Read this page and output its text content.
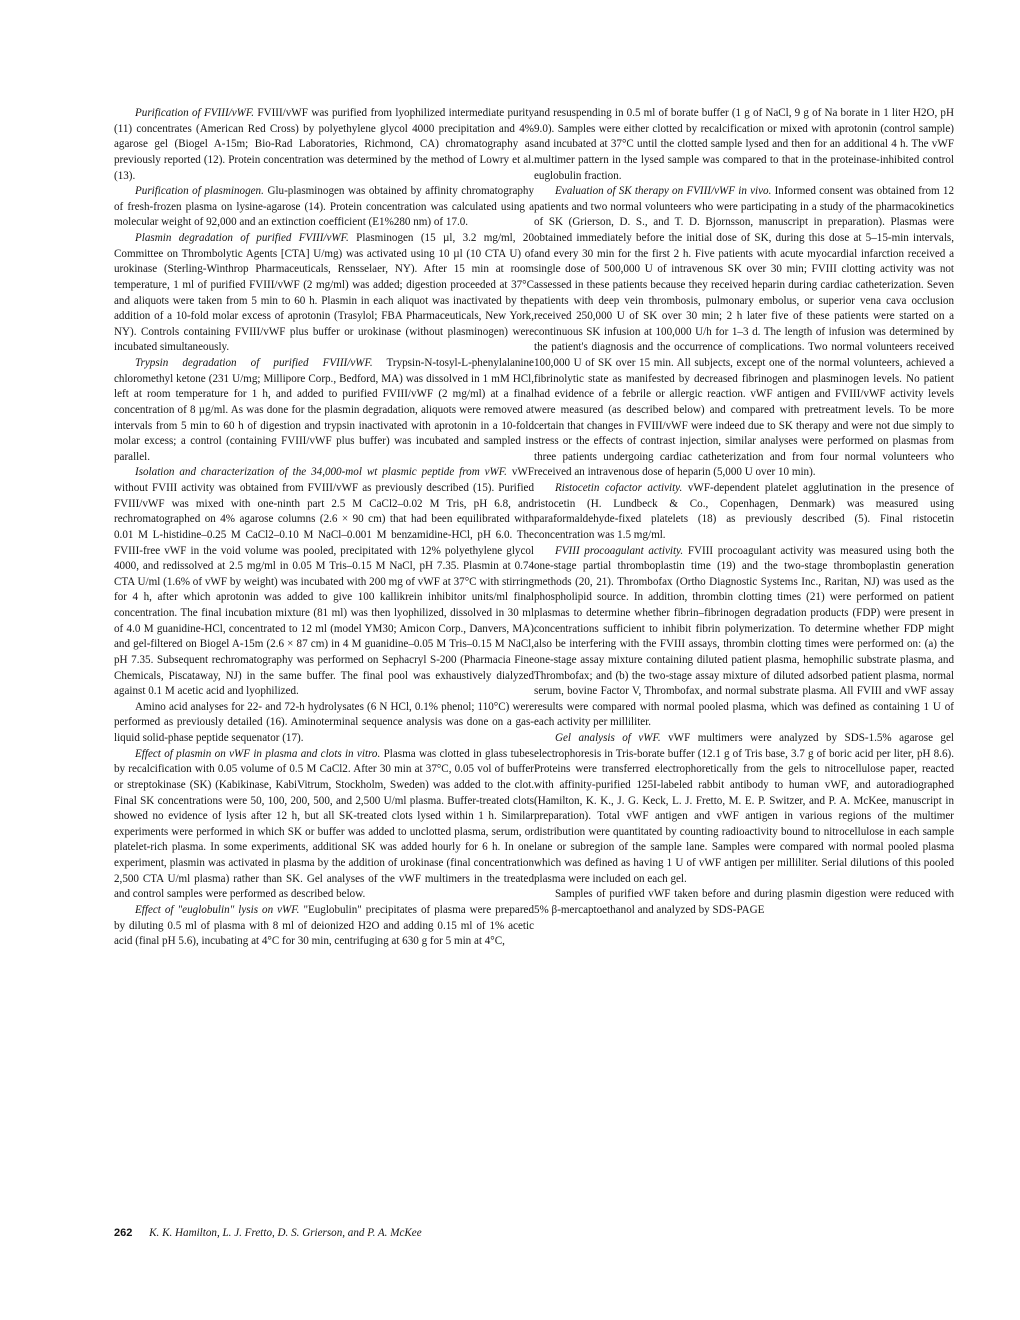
Purification of FVIII/vWF. FVIII/vWF was purified from lyophilized intermediate purity (11) concentrates (American Red Cross) by polyethylene glycol 4000 precipitation and 4% agarose gel (Biogel A-15m; Bio-Rad Laboratories, Richmond, CA) chromatography as previously reported (12). Protein concentration was determined by the method of Lowry et al. (13).

Purification of plasminogen. Glu-plasminogen was obtained by affinity chromatography of fresh-frozen plasma on lysine-agarose (14). Protein concentration was calculated using a molecular weight of 92,000 and an extinction coefficient (E1%280 nm) of 17.0.

Plasmin degradation of purified FVIII/vWF. Plasminogen (15 µl, 3.2 mg/ml, 20 Committee on Thrombolytic Agents [CTA] U/mg) was activated using 10 µl (10 CTA U) of urokinase (Sterling-Winthrop Pharmaceuticals, Rensselaer, NY). After 15 min at room temperature, 1 ml of purified FVIII/vWF (2 mg/ml) was added; digestion proceeded at 37°C and aliquots were taken from 5 min to 60 h. Plasmin in each aliquot was inactivated by the addition of a 10-fold molar excess of aprotonin (Trasylol; FBA Pharmaceuticals, New York, NY). Controls containing FVIII/vWF plus buffer or urokinase (without plasminogen) were incubated simultaneously.

Trypsin degradation of purified FVIII/vWF. Trypsin-N-tosyl-L-phenylalanine chloromethyl ketone (231 U/mg; Millipore Corp., Bedford, MA) was dissolved in 1 mM HCl, left at room temperature for 1 h, and added to purified FVIII/vWF (2 mg/ml) at a final concentration of 8 µg/ml. As was done for the plasmin degradation, aliquots were removed at intervals from 5 min to 60 h of digestion and trypsin inactivated with aprotonin in a 10-fold molar excess; a control (containing FVIII/vWF plus buffer) was incubated and sampled in parallel.

Isolation and characterization of the 34,000-mol wt plasmic peptide from vWF. vWF without FVIII activity was obtained from FVIII/vWF as previously described (15). Purified FVIII/vWF was mixed with one-ninth part 2.5 M CaCl2–0.02 M Tris, pH 6.8, and rechromatographed on 4% agarose columns (2.6 × 90 cm) that had been equilibrated with 0.01 M L-histidine–0.25 M CaCl2–0.10 M NaCl–0.001 M benzamidine-HCl, pH 6.0. The FVIII-free vWF in the void volume was pooled, precipitated with 12% polyethylene glycol 4000, and redissolved at 2.5 mg/ml in 0.05 M Tris–0.15 M NaCl, pH 7.35. Plasmin at 0.74 CTA U/ml (1.6% of vWF by weight) was incubated with 200 mg of vWF at 37°C with stirring for 4 h, after which aprotonin was added to give 100 kallikrein inhibitor units/ml final concentration. The final incubation mixture (81 ml) was then lyophilized, dissolved in 30 ml of 4.0 M guanidine-HCl, concentrated to 12 ml (model YM30; Amicon Corp., Danvers, MA) and gel-filtered on Biogel A-15m (2.6 × 87 cm) in 4 M guanidine–0.05 M Tris–0.15 M NaCl, pH 7.35. Subsequent rechromatography was performed on Sephacryl S-200 (Pharmacia Fine Chemicals, Piscataway, NJ) in the same buffer. The final pool was exhaustively dialyzed against 0.1 M acetic acid and lyophilized.

Amino acid analyses for 22- and 72-h hydrolysates (6 N HCl, 0.1% phenol; 110°C) were performed as previously detailed (16). Aminoterminal sequence analysis was done on a gas-liquid solid-phase peptide sequenator (17).

Effect of plasmin on vWF in plasma and clots in vitro. Plasma was clotted in glass tubes by recalcification with 0.05 volume of 0.5 M CaCl2. After 30 min at 37°C, 0.05 vol of buffer or streptokinase (SK) (Kabikinase, KabiVitrum, Stockholm, Sweden) was added to the clot. Final SK concentrations were 50, 100, 200, 500, and 2,500 U/ml plasma. Buffer-treated clots showed no evidence of lysis after 12 h, but all SK-treated clots lysed within 1 h. Similar experiments were performed in which SK or buffer was added to unclotted plasma, serum, or platelet-rich plasma. In some experiments, additional SK was added hourly for 6 h. In one experiment, plasmin was activated in plasma by the addition of urokinase (final concentration 2,500 CTA U/ml plasma) rather than SK. Gel analyses of the vWF multimers in the treated and control samples were performed as described below.

Effect of "euglobulin" lysis on vWF. "Euglobulin" precipitates of plasma were prepared by diluting 0.5 ml of plasma with 8 ml of deionized H2O and adding 0.15 ml of 1% acetic acid (final pH 5.6), incubating at 4°C for 30 min, centrifuging at 630 g for 5 min at 4°C,

and resuspending in 0.5 ml of borate buffer (1 g of NaCl, 9 g of Na borate in 1 liter H2O, pH 9.0). Samples were either clotted by recalcification or mixed with aprotonin (control sample) and incubated at 37°C until the clotted sample lysed and then for an additional 4 h. The vWF multimer pattern in the lysed sample was compared to that in the proteinase-inhibited control euglobulin fraction.

Evaluation of SK therapy on FVIII/vWF in vivo. Informed consent was obtained from 12 patients and two normal volunteers who were participating in a study of the pharmacokinetics of SK (Grierson, D. S., and T. D. Bjornsson, manuscript in preparation). Plasmas were obtained immediately before the initial dose of SK, during this dose at 5–15-min intervals, and every 30 min for the first 2 h. Five patients with acute myocardial infarction received a single dose of 500,000 U of intravenous SK over 30 min; FVIII clotting activity was not assessed in these patients because they received heparin during cardiac catheterization. Seven patients with deep vein thrombosis, pulmonary embolus, or superior vena cava occlusion received 250,000 U of SK over 30 min; 2 h later five of these patients were started on a continuous SK infusion at 100,000 U/h for 1–3 d. The length of infusion was determined by the patient's diagnosis and the occurrence of complications. Two normal volunteers received 100,000 U of SK over 15 min. All subjects, except one of the normal volunteers, achieved a fibrinolytic state as manifested by decreased fibrinogen and plasminogen levels. No patient had evidence of a febrile or allergic reaction. vWF antigen and FVIII/vWF activity levels were measured (as described below) and compared with pretreatment levels. To be more certain that changes in FVIII/vWF were indeed due to SK therapy and were not due simply to stress or the effects of contrast injection, similar analyses were performed on plasmas from three patients undergoing cardiac catheterization and from four normal volunteers who received an intravenous dose of heparin (5,000 U over 10 min).

Ristocetin cofactor activity. vWF-dependent platelet agglutination in the presence of ristocetin (H. Lundbeck & Co., Copenhagen, Denmark) was measured using paraformaldehyde-fixed platelets (18) as previously described (5). Final ristocetin concentration was 1.5 mg/ml.

FVIII procoagulant activity. FVIII procoagulant activity was measured using both the one-stage partial thromboplastin time (19) and the two-stage thromboplastin generation methods (20, 21). Thrombofax (Ortho Diagnostic Systems Inc., Raritan, NJ) was used as the phospholipid source. In addition, thrombin clotting times (21) were performed on patient plasmas to determine whether fibrin–fibrinogen degradation products (FDP) were present in concentrations sufficient to inhibit fibrin polymerization. To determine whether FDP might also be interfering with the FVIII assays, thrombin clotting times were performed on: (a) the one-stage assay mixture containing diluted patient plasma, hemophilic substrate plasma, and Thrombofax; and (b) the two-stage assay mixture of diluted adsorbed patient plasma, normal serum, bovine Factor V, Thrombofax, and normal substrate plasma. All FVIII and vWF assay results were compared with normal pooled plasma, which was defined as containing 1 U of each activity per milliliter.

Gel analysis of vWF. vWF multimers were analyzed by SDS-1.5% agarose gel electrophoresis in Tris-borate buffer (12.1 g of Tris base, 3.7 g of boric acid per liter, pH 8.6). Proteins were transferred electrophoretically from the gels to nitrocellulose paper, reacted with affinity-purified 125I-labeled rabbit antibody to human vWF, and autoradiographed (Hamilton, K. K., J. G. Keck, L. J. Fretto, M. E. P. Switzer, and P. A. McKee, manuscript in preparation). Total vWF antigen and vWF antigen in various regions of the multimer distribution were quantitated by counting radioactivity bound to nitrocellulose in each sample lane or subregion of the sample lane. Samples were compared with normal pooled plasma which was defined as having 1 U of vWF antigen per milliliter. Serial dilutions of this pooled plasma were included on each gel.

Samples of purified vWF taken before and during plasmin digestion were reduced with 5% β-mercaptoethanol and analyzed by SDS-PAGE

262 K. K. Hamilton, L. J. Fretto, D. S. Grierson, and P. A. McKee
